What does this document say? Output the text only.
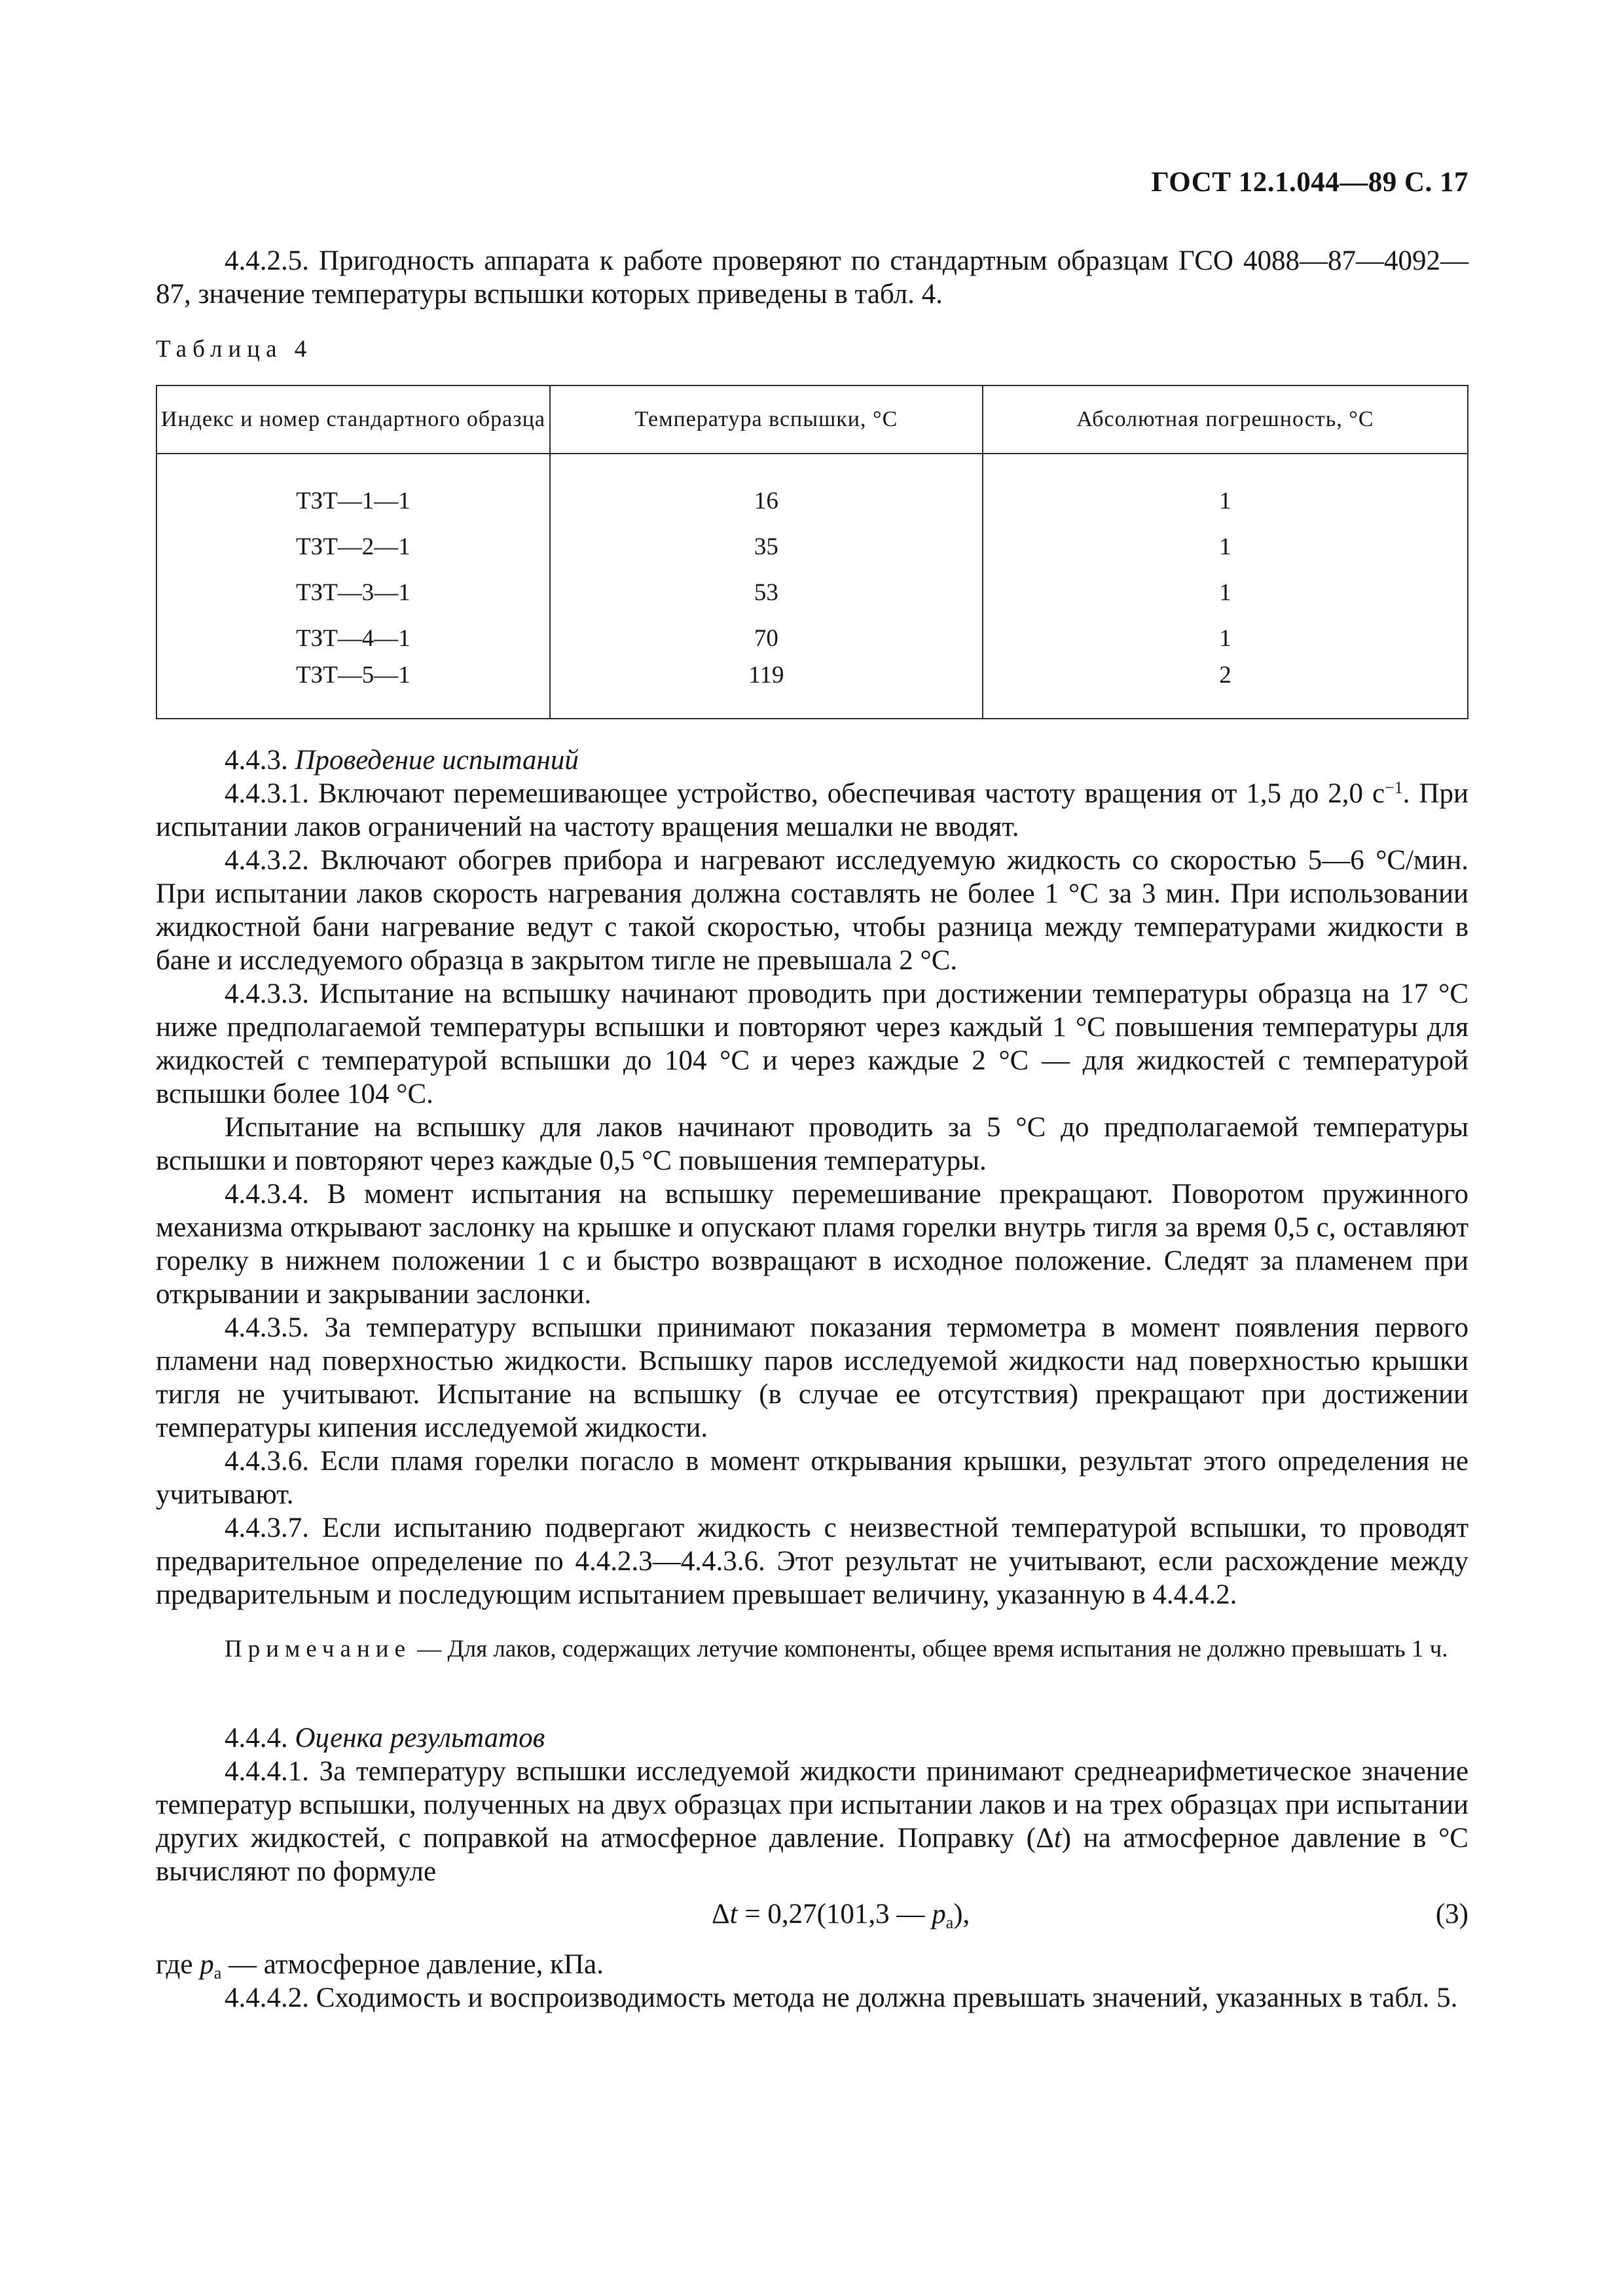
ГОСТ 12.1.044—89 С. 17

4.4.2.5. Пригодность аппарата к работе проверяют по стандартным образцам ГСО 4088—87—4092—87, значение температуры вспышки которых приведены в табл. 4.

Таблица 4
Индекс и номер стандартного образца	Температура вспышки, °С	Абсолютная погрешность, °С

ТЗТ—1—1	16	1
ТЗТ—2—1	35	1
ТЗТ—3—1	53	1
ТЗТ—4—1	70	1
ТЗТ—5—1	119	2

4.4.3. Проведение испытаний

4.4.3.1. Включают перемешивающее устройство, обеспечивая частоту вращения от 1,5 до 2,0 $с^{-1}$. При испытании лаков ограничений на частоту вращения мешалки не вводят.

4.4.3.2. Включают обогрев прибора и нагревают исследуемую жидкость со скоростью 5—6 °С/мин. При испытании лаков скорость нагревания должна составлять не более 1 °С за 3 мин. При использовании жидкостной бани нагревание ведут с такой скоростью, чтобы разница между температурами жидкости в бане и исследуемого образца в закрытом тигле не превышала 2 °С.

4.4.3.3. Испытание на вспышку начинают проводить при достижении температуры образца на 17 °С ниже предполагаемой температуры вспышки и повторяют через каждый 1 °С повышения температуры для жидкостей с температурой вспышки до 104 °С и через каждые 2 °С — для жидкостей с температурой вспышки более 104 °С.

Испытание на вспышку для лаков начинают проводить за 5 °С до предполагаемой температуры вспышки и повторяют через каждые 0,5 °С повышения температуры.

4.4.3.4. В момент испытания на вспышку перемешивание прекращают. Поворотом пружинного механизма открывают заслонку на крышке и опускают пламя горелки внутрь тигля за время 0,5 с, оставляют горелку в нижнем положении 1 с и быстро возвращают в исходное положение. Следят за пламенем при открывании и закрывании заслонки.

4.4.3.5. За температуру вспышки принимают показания термометра в момент появления первого пламени над поверхностью жидкости. Вспышку паров исследуемой жидкости над поверхностью крышки тигля не учитывают. Испытание на вспышку (в случае ее отсутствия) прекращают при достижении температуры кипения исследуемой жидкости.

4.4.3.6. Если пламя горелки погасло в момент открывания крышки, результат этого определения не учитывают.

4.4.3.7. Если испытанию подвергают жидкость с неизвестной температурой вспышки, то проводят предварительное определение по 4.4.2.3—4.4.3.6. Этот результат не учитывают, если расхождение между предварительным и последующим испытанием превышает величину, указанную в 4.4.4.2.

Примечание — Для лаков, содержащих летучие компоненты, общее время испытания не должно превышать 1 ч.

4.4.4. Оценка результатов

4.4.4.1. За температуру вспышки исследуемой жидкости принимают среднеарифметическое значение температур вспышки, полученных на двух образцах при испытании лаков и на трех образцах при испытании других жидкостей, с поправкой на атмосферное давление. Поправку (Δt) на атмосферное давление в °С вычисляют по формуле

Δt = 0,27(101,3 — $p_а$),	(3)

где $p_а$ — атмосферное давление, кПа.

4.4.4.2. Сходимость и воспроизводимость метода не должна превышать значений, указанных в табл. 5.
